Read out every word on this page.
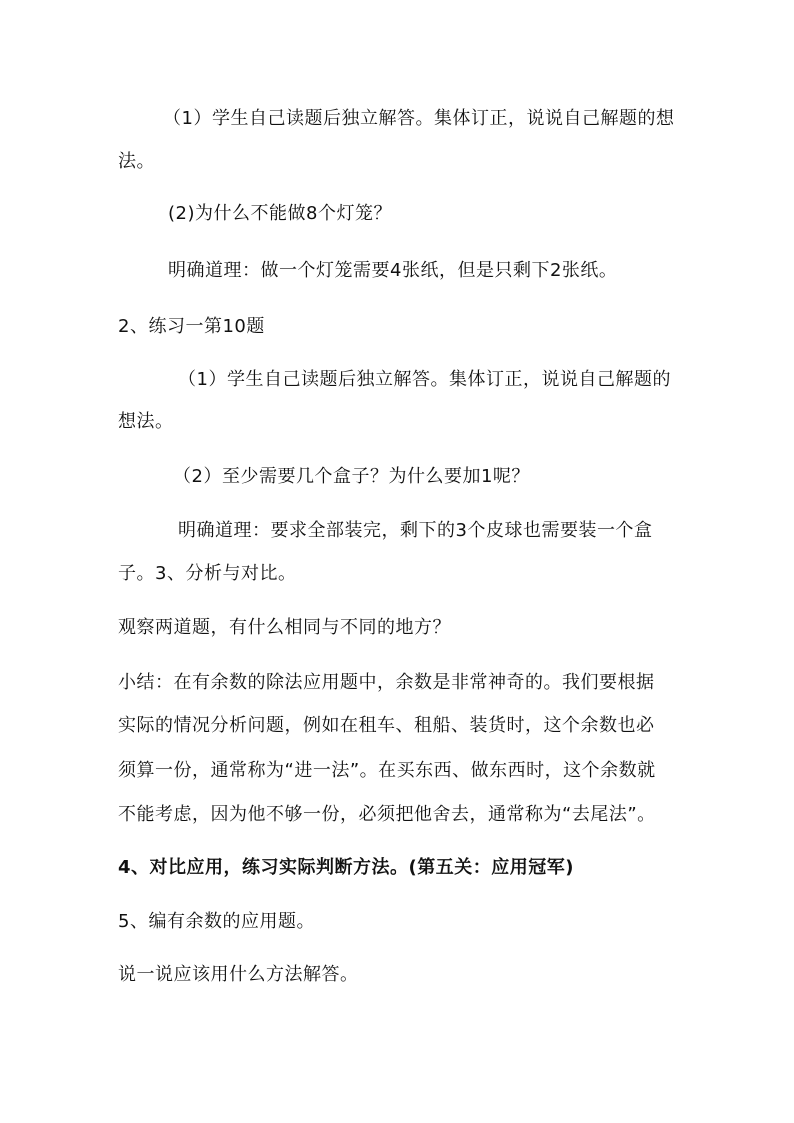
（1）学生自己读题后独立解答。集体订正，说说自己解题的想
法。
(2)为什么不能做8个灯笼？
明确道理：做一个灯笼需要4张纸，但是只剩下2张纸。
2、练习一第10题
（1）学生自己读题后独立解答。集体订正，说说自己解题的
想法。
（2）至少需要几个盒子？为什么要加1呢？
明确道理：要求全部装完，剩下的3个皮球也需要装一个盒
子。3、分析与对比。
观察两道题，有什么相同与不同的地方？
小结：在有余数的除法应用题中，余数是非常神奇的。我们要根据
实际的情况分析问题，例如在租车、租船、装货时，这个余数也必
须算一份，通常称为“进一法”。在买东西、做东西时，这个余数就
不能考虑，因为他不够一份，必须把他舍去，通常称为“去尾法”。
4、对比应用，练习实际判断方法。(第五关：应用冠军)
5、编有余数的应用题。
说一说应该用什么方法解答。
